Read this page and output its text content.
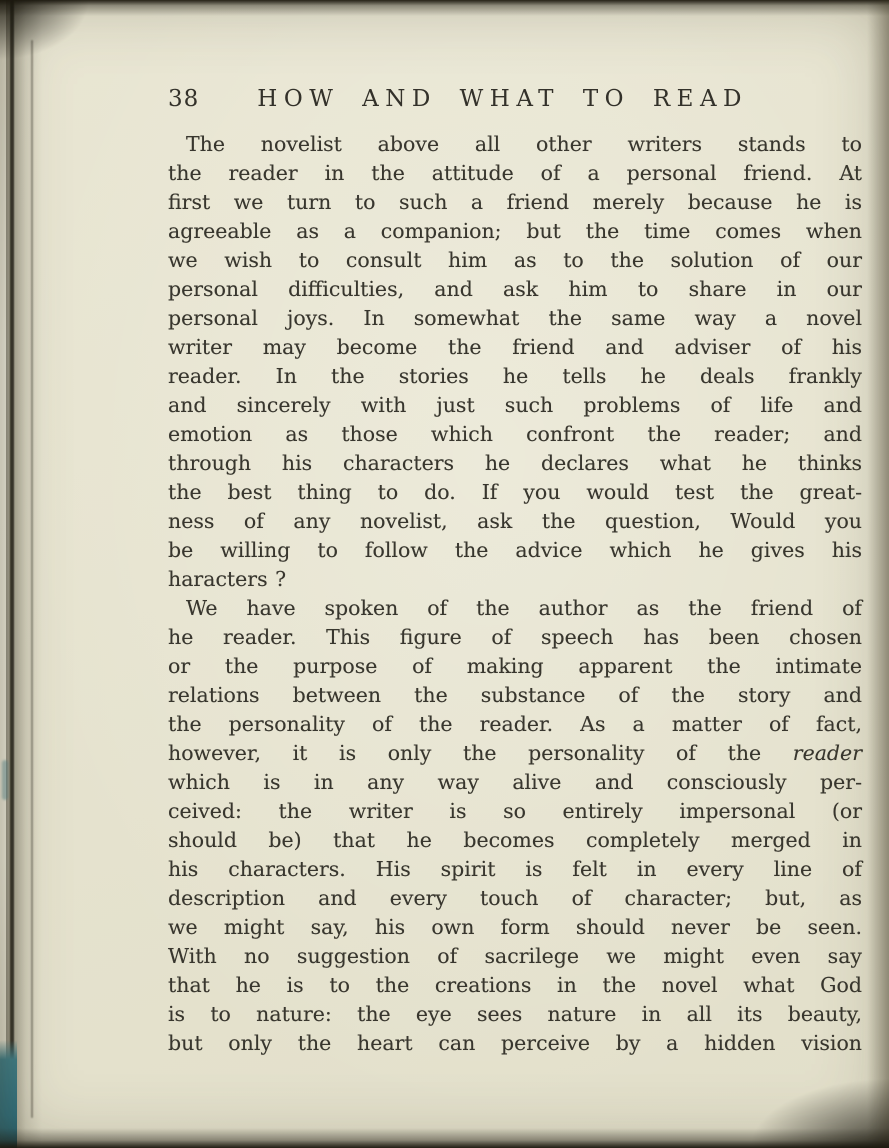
38	HOW AND WHAT TO READ
The novelist above all other writers stands to
the reader in the attitude of a personal friend. At
first we turn to such a friend merely because he is
agreeable as a companion; but the time comes when
we wish to consult him as to the solution of our
personal difficulties, and ask him to share in our
personal joys. In somewhat the same way a novel
writer may become the friend and adviser of his
reader. In the stories he tells he deals frankly
and sincerely with just such problems of life and
emotion as those which confront the reader; and
through his characters he declares what he thinks
the best thing to do. If you would test the great-
ness of any novelist, ask the question, Would you
be willing to follow the advice which he gives his
haracters ?
We have spoken of the author as the friend of
he reader. This figure of speech has been chosen
or the purpose of making apparent the intimate
relations between the substance of the story and
the personality of the reader. As a matter of fact,
however, it is only the personality of the reader
which is in any way alive and consciously per-
ceived: the writer is so entirely impersonal (or
should be) that he becomes completely merged in
his characters. His spirit is felt in every line of
description and every touch of character; but, as
we might say, his own form should never be seen.
With no suggestion of sacrilege we might even say
that he is to the creations in the novel what God
is to nature: the eye sees nature in all its beauty,
but only the heart can perceive by a hidden vision
